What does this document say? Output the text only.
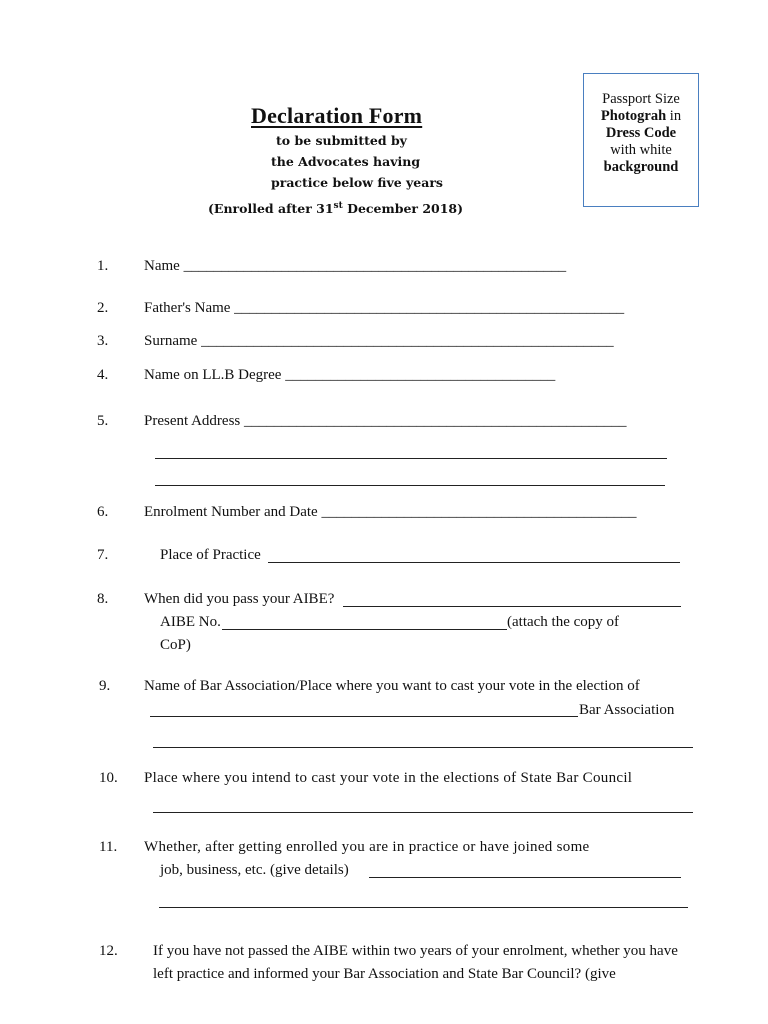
Passport Size
Photograh in
Dress Code
with white
background
Declaration Form
to be submitted by
the Advocates having
practice below five years
(Enrolled after 31st December 2018)
1. Name ___________________________________________________
2. Father's Name ____________________________________________________
3. Surname _______________________________________________________
4. Name on LL.B Degree ____________________________________
5. Present Address ___________________________________________________
6. Enrolment Number and Date __________________________________________
7.	Place of Practice
8. When did you pass your AIBE?
AIBE No.	(attach the copy of
CoP)
9. Name of Bar Association/Place where you want to cast your vote in the election of
Bar Association
10. Place where you intend to cast your vote in the elections of State Bar Council
11. Whether, after getting enrolled you are in practice or have joined some
job, business, etc. (give details)
12. If you have not passed the AIBE within two years of your enrolment, whether you have
left practice and informed your Bar Association and State Bar Council? (give
